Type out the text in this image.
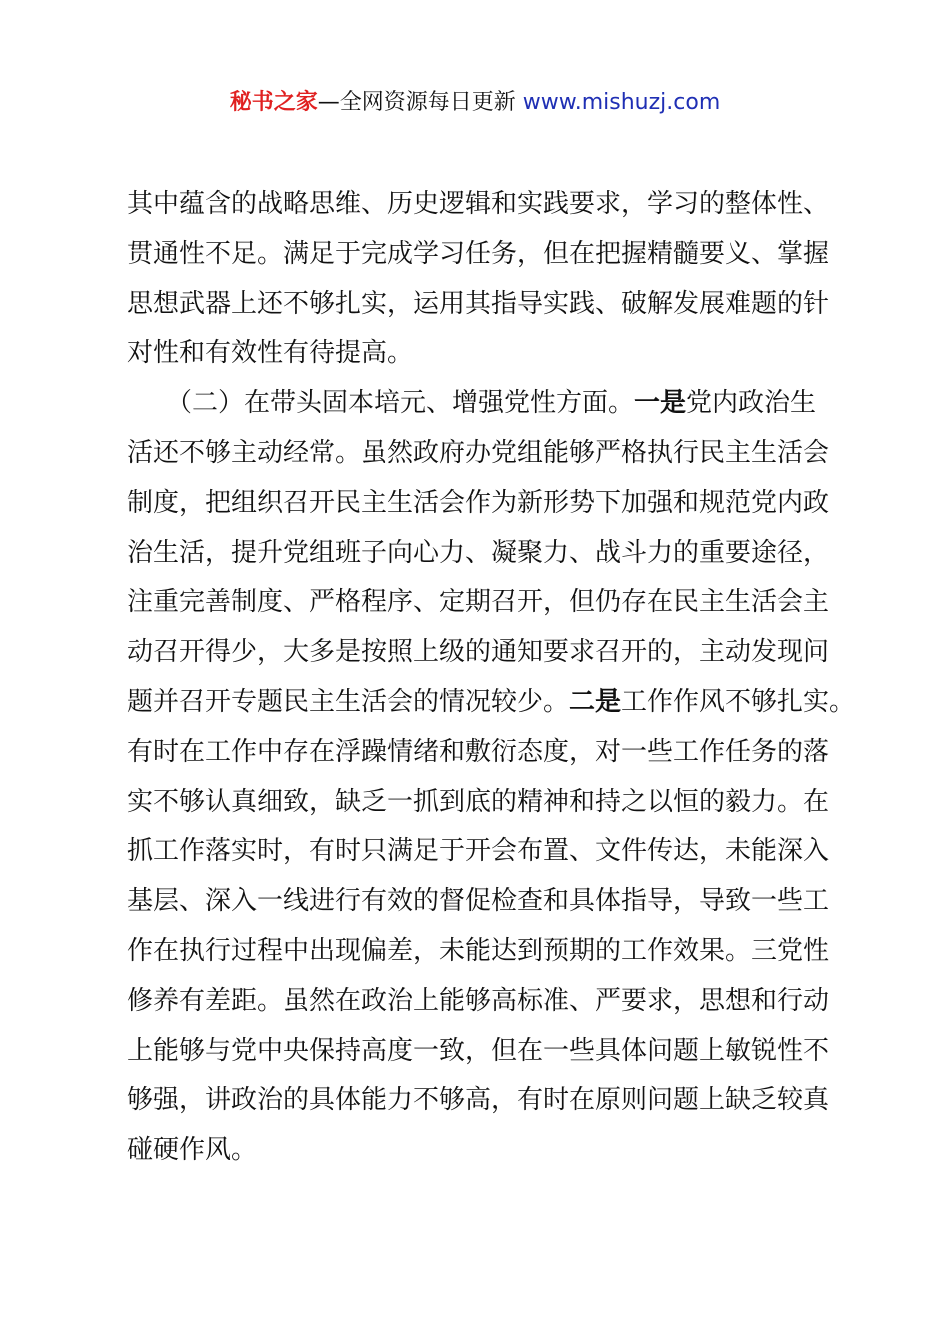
秘书之家—全网资源每日更新 www.mishuzj.com
其中蕴含的战略思维、历史逻辑和实践要求，学习的整体性、
贯通性不足。满足于完成学习任务，但在把握精髓要义、掌握
思想武器上还不够扎实，运用其指导实践、破解发展难题的针
对性和有效性有待提高。
　　（二）在带头固本培元、增强党性方面。一是党内政治生
活还不够主动经常。虽然政府办党组能够严格执行民主生活会
制度，把组织召开民主生活会作为新形势下加强和规范党内政
治生活，提升党组班子向心力、凝聚力、战斗力的重要途径，
注重完善制度、严格程序、定期召开，但仍存在民主生活会主
动召开得少，大多是按照上级的通知要求召开的，主动发现问
题并召开专题民主生活会的情况较少。二是工作作风不够扎实。
有时在工作中存在浮躁情绪和敷衍态度，对一些工作任务的落
实不够认真细致，缺乏一抓到底的精神和持之以恒的毅力。在
抓工作落实时，有时只满足于开会布置、文件传达，未能深入
基层、深入一线进行有效的督促检查和具体指导，导致一些工
作在执行过程中出现偏差，未能达到预期的工作效果。三党性
修养有差距。虽然在政治上能够高标准、严要求，思想和行动
上能够与党中央保持高度一致，但在一些具体问题上敏锐性不
够强，讲政治的具体能力不够高，有时在原则问题上缺乏较真
碰硬作风。
